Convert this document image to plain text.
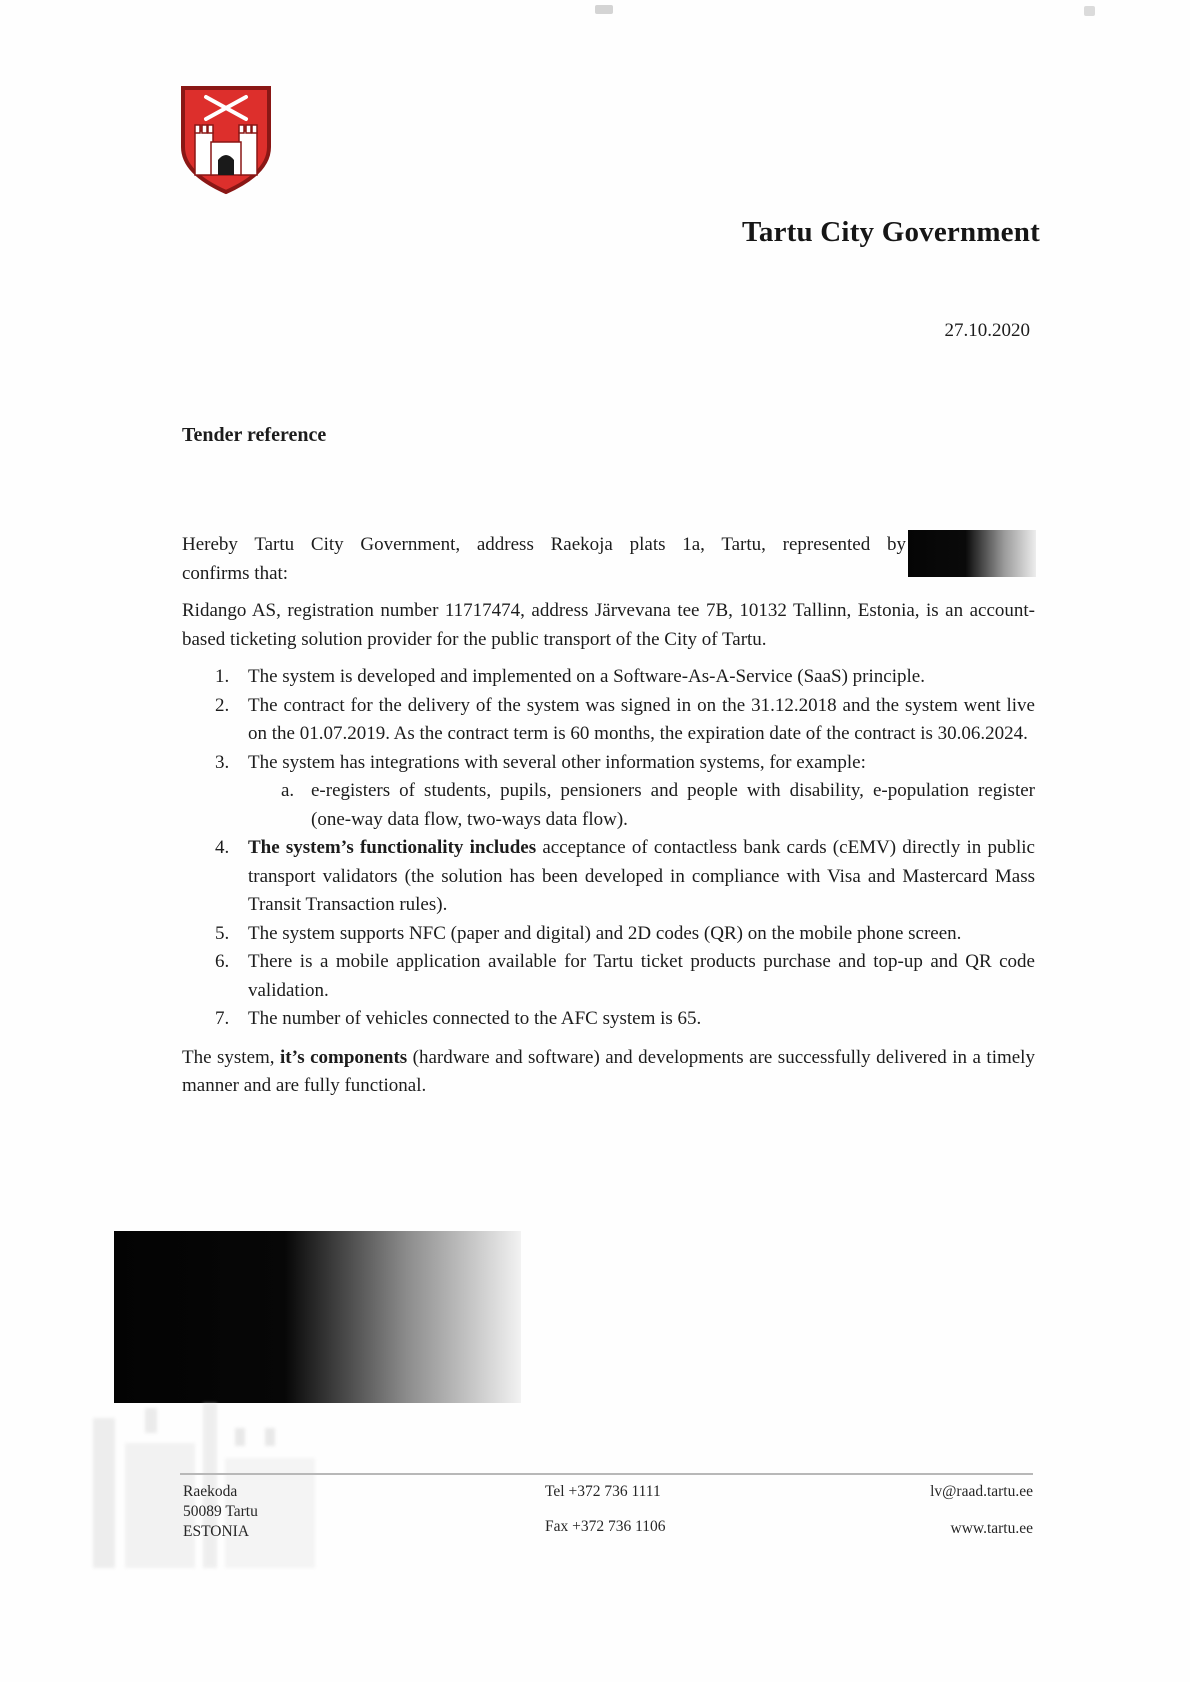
Tartu City Government
27.10.2020
Tender reference
Hereby Tartu City Government, address Raekoja plats 1a, Tartu, represented by
confirms that:

Ridango AS, registration number 11717474, address Järvevana tee 7B, 10132 Tallinn, Estonia, is an account-based ticketing solution provider for the public transport of the City of Tartu.

1. The system is developed and implemented on a Software-As-A-Service (SaaS) principle.
2. The contract for the delivery of the system was signed in on the 31.12.2018 and the system went live on the 01.07.2019. As the contract term is 60 months, the expiration date of the contract is 30.06.2024.
3. The system has integrations with several other information systems, for example:
a. e-registers of students, pupils, pensioners and people with disability, e-population register (one-way data flow, two-ways data flow).
4. The system’s functionality includes acceptance of contactless bank cards (cEMV) directly in public transport validators (the solution has been developed in compliance with Visa and Mastercard Mass Transit Transaction rules).
5. The system supports NFC (paper and digital) and 2D codes (QR) on the mobile phone screen.
6. There is a mobile application available for Tartu ticket products purchase and top-up and QR code validation.
7. The number of vehicles connected to the AFC system is 65.

The system, it’s components (hardware and software) and developments are successfully delivered in a timely manner and are fully functional.

Raekoda
50089 Tartu
ESTONIA
Tel +372 736 1111
Fax +372 736 1106
lv@raad.tartu.ee
www.tartu.ee
